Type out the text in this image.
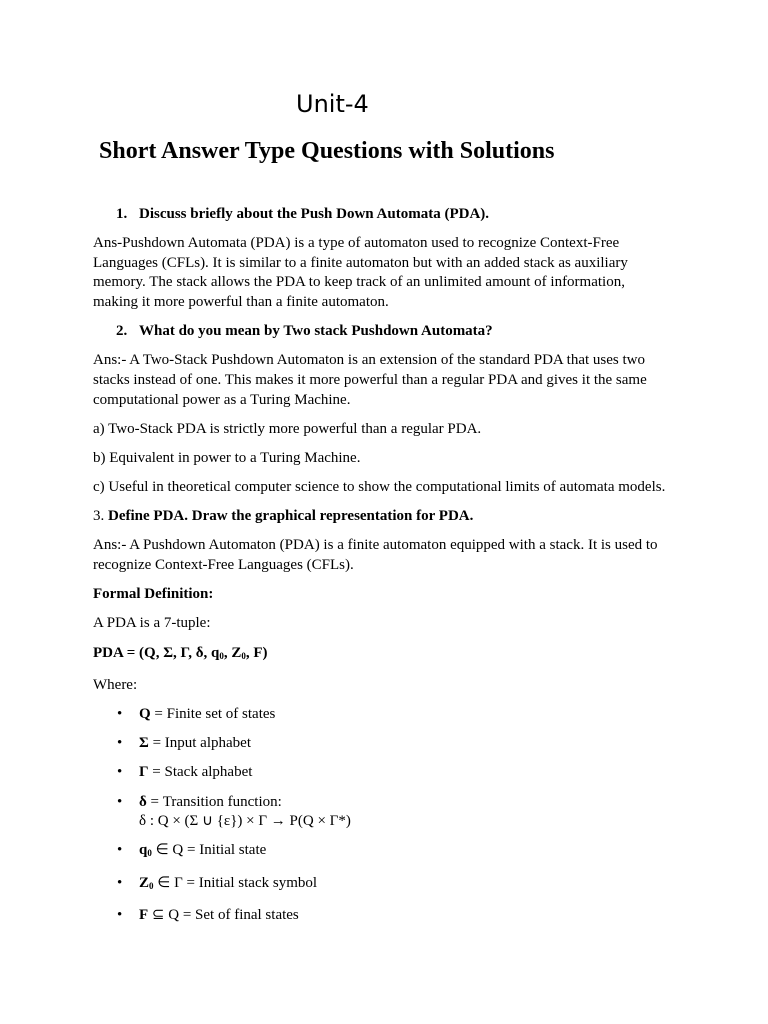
Unit-4
Short Answer Type Questions with Solutions

1. Discuss briefly about the Push Down Automata (PDA).

Ans-Pushdown Automata (PDA) is a type of automaton used to recognize Context-Free Languages (CFLs). It is similar to a finite automaton but with an added stack as auxiliary memory. The stack allows the PDA to keep track of an unlimited amount of information, making it more powerful than a finite automaton.

2. What do you mean by Two stack Pushdown Automata?

Ans:- A Two-Stack Pushdown Automaton is an extension of the standard PDA that uses two stacks instead of one. This makes it more powerful than a regular PDA and gives it the same computational power as a Turing Machine.

a) Two-Stack PDA is strictly more powerful than a regular PDA.

b) Equivalent in power to a Turing Machine.

c) Useful in theoretical computer science to show the computational limits of automata models.

3. Define PDA. Draw the graphical representation for PDA.

Ans:- A Pushdown Automaton (PDA) is a finite automaton equipped with a stack. It is used to recognize Context-Free Languages (CFLs).

Formal Definition:

A PDA is a 7-tuple:

PDA = (Q, Σ, Γ, δ, $q_0$, $Z_0$, F)

Where:

• Q = Finite set of states
• Σ = Input alphabet
• Γ = Stack alphabet
• δ = Transition function:
δ : Q × (Σ ∪ {ε}) × Γ → P(Q × Γ*)
• $q_0$ ∈ Q = Initial state
• $Z_0$ ∈ Γ = Initial stack symbol
• F ⊆ Q = Set of final states
